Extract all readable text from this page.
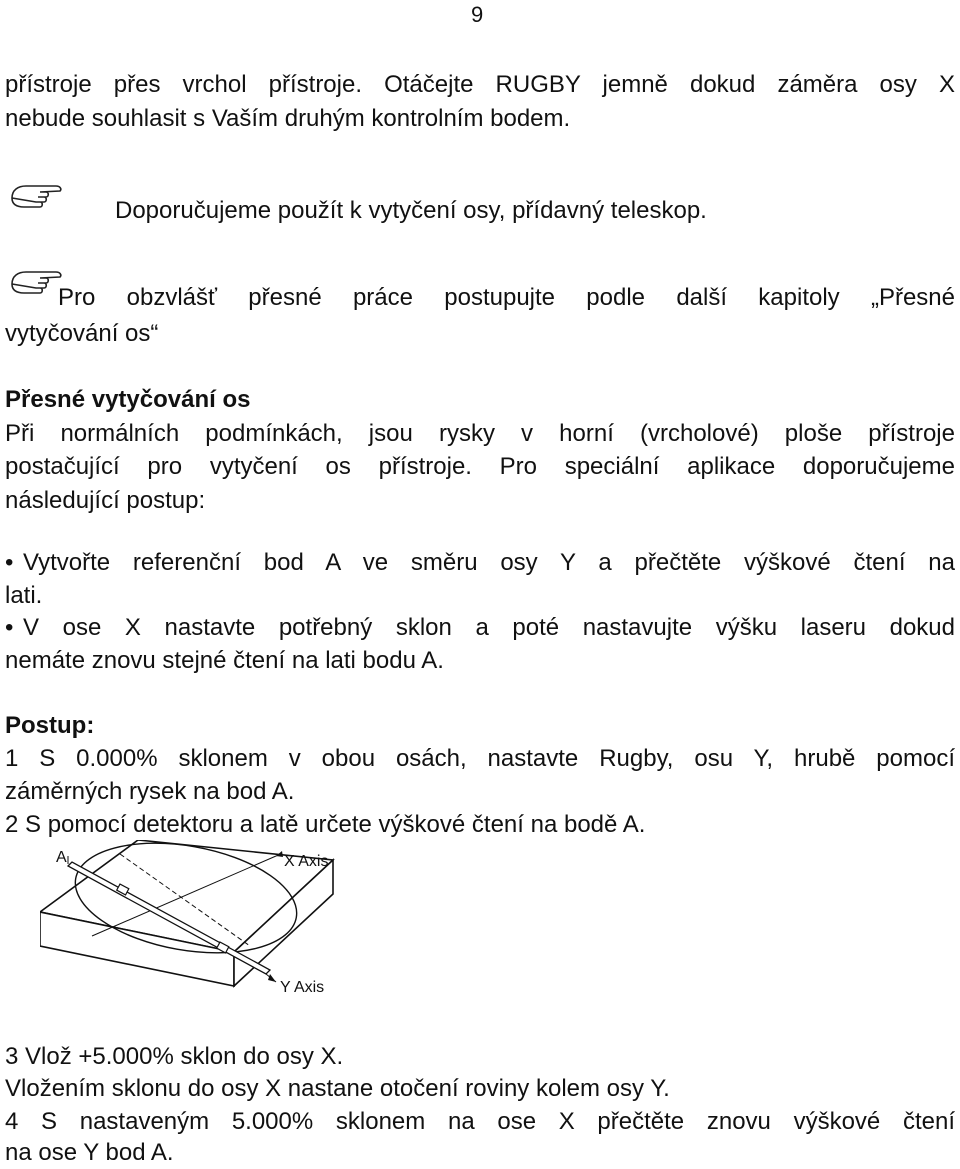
9
přístroje přes vrchol přístroje. Otáčejte RUGBY jemně dokud záměra osy X
nebude souhlasit s Vaším druhým kontrolním bodem.
Doporučujeme použít k vytyčení osy, přídavný teleskop.
Pro obzvlášť přesné práce postupujte podle další kapitoly „Přesné
vytyčování os“
Přesné vytyčování os
Při normálních podmínkách, jsou rysky v horní (vrcholové) ploše přístroje
postačující pro vytyčení os přístroje. Pro speciální aplikace doporučujeme
následující postup:
• Vytvořte referenční bod A ve směru osy Y a přečtěte výškové čtení na
lati.
• V ose X nastavte potřebný sklon a poté nastavujte výšku laseru dokud
nemáte znovu stejné čtení na lati bodu A.
Postup:
1 S 0.000% sklonem v obou osách, nastavte Rugby, osu Y, hrubě pomocí
záměrných rysek na bod A.
2 S pomocí detektoru a latě určete výškové čtení na bodě A.
A	X Axis
Y Axis
3 Vlož +5.000% sklon do osy X.
Vložením sklonu do osy X nastane otočení roviny kolem osy Y.
4 S nastaveným 5.000% sklonem na ose X přečtěte znovu výškové čtení
na ose Y bod A.
